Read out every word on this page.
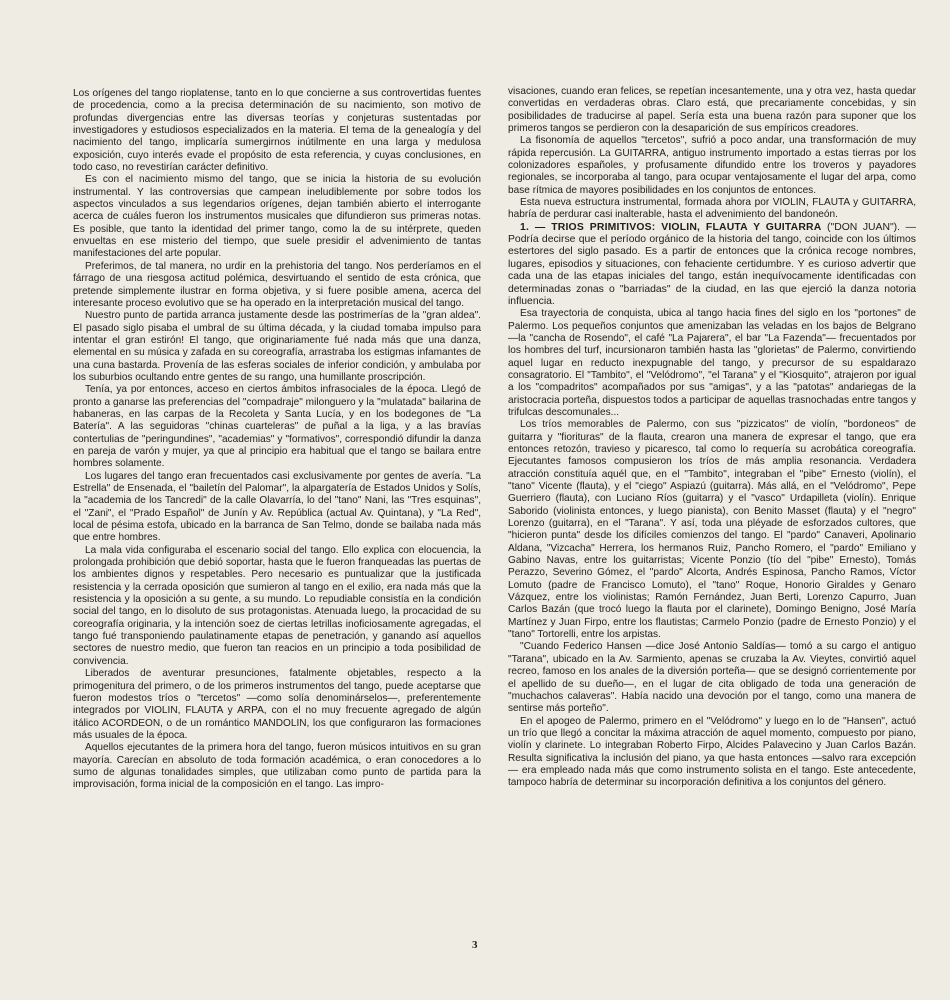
Los orígenes del tango rioplatense, tanto en lo que concierne a sus controvertidas fuentes de procedencia, como a la precisa determinación de su nacimiento, son motivo de profundas divergencias entre las diversas teorías y conjeturas sustentadas por investigadores y estudiosos especializados en la materia. El tema de la genealogía y del nacimiento del tango, implicaría sumergirnos inútilmente en una larga y medulosa exposición, cuyo interés evade el propósito de esta referencia, y cuyas conclusiones, en todo caso, no revestirían carácter definitivo.

Es con el nacimiento mismo del tango, que se inicia la historia de su evolución instrumental. Y las controversias que campean ineludiblemente por sobre todos los aspectos vinculados a sus legendarios orígenes, dejan también abierto el interrogante acerca de cuáles fueron los instrumentos musicales que difundieron sus primeras notas. Es posible, que tanto la identidad del primer tango, como la de su intérprete, queden envueltas en ese misterio del tiempo, que suele presidir el advenimiento de tantas manifestaciones del arte popular.

Preferimos, de tal manera, no urdir en la prehistoria del tango. Nos perderíamos en el fárrago de una riesgosa actitud polémica, desvirtuando el sentido de esta crónica, que pretende simplemente ilustrar en forma objetiva, y si fuere posible amena, acerca del interesante proceso evolutivo que se ha operado en la interpretación musical del tango.

Nuestro punto de partida arranca justamente desde las postrimerías de la "gran aldea". El pasado siglo pisaba el umbral de su última década, y la ciudad tomaba impulso para intentar el gran estirón! El tango, que originariamente fué nada más que una danza, elemental en su música y zafada en su coreografía, arrastraba los estigmas infamantes de una cuna bastarda. Provenía de las esferas sociales de inferior condición, y ambulaba por los suburbios ocultando entre gentes de su rango, una humillante proscripción.

Tenía, ya por entonces, acceso en ciertos ámbitos infrasociales de la época. Llegó de pronto a ganarse las preferencias del "compadraje" milonguero y la "mulatada" bailarina de habaneras, en las carpas de la Recoleta y Santa Lucía, y en los bodegones de "La Batería". A las seguidoras "chinas cuarteleras" de puñal a la liga, y a las bravías contertulias de "peringundines", "academias" y "formativos", correspondió difundir la danza en pareja de varón y mujer, ya que al principio era habitual que el tango se bailara entre hombres solamente.

Los lugares del tango eran frecuentados casi exclusivamente por gentes de avería. "La Estrella" de Ensenada, el "bailetín del Palomar", la alpargatería de Estados Unidos y Solís, la "academia de los Tancredi" de la calle Olavarría, lo del "tano" Nani, las "Tres esquinas", el "Zani", el "Prado Español" de Junín y Av. República (actual Av. Quintana), y "La Red", local de pésima estofa, ubicado en la barranca de San Telmo, donde se bailaba nada más que entre hombres.

La mala vida configuraba el escenario social del tango. Ello explica con elocuencia, la prolongada prohibición que debió soportar, hasta que le fueron franqueadas las puertas de los ambientes dignos y respetables. Pero necesario es puntualizar que la justificada resistencia y la cerrada oposición que sumieron al tango en el exilio, era nada más que la resistencia y la oposición a su gente, a su mundo. Lo repudiable consistía en la condición social del tango, en lo disoluto de sus protagonistas. Atenuada luego, la procacidad de su coreografía originaria, y la intención soez de ciertas letrillas inoficiosamente agregadas, el tango fué transponiendo paulatinamente etapas de penetración, y ganando así aquellos sectores de nuestro medio, que fueron tan reacios en un principio a toda posibilidad de convivencia.

Liberados de aventurar presunciones, fatalmente objetables, respecto a la primogenitura del primero, o de los primeros instrumentos del tango, puede aceptarse que fueron modestos tríos o "tercetos" —como solía denominárselos—, preferentemente integrados por VIOLIN, FLAUTA y ARPA, con el no muy frecuente agregado de algún itálico ACORDEON, o de un romántico MANDOLIN, los que configuraron las formaciones más usuales de la época.

Aquellos ejecutantes de la primera hora del tango, fueron músicos intuitivos en su gran mayoría. Carecían en absoluto de toda formación académica, o eran conocedores a lo sumo de algunas tonalidades simples, que utilizaban como punto de partida para la improvisación, forma inicial de la composición en el tango. Las impro-

visaciones, cuando eran felices, se repetían incesantemente, una y otra vez, hasta quedar convertidas en verdaderas obras. Claro está, que precariamente concebidas, y sin posibilidades de traducirse al papel. Sería esta una buena razón para suponer que los primeros tangos se perdieron con la desaparición de sus empíricos creadores.

La fisonomía de aquellos "tercetos", sufrió a poco andar, una transformación de muy rápida repercusión. La GUITARRA, antiguo instrumento importado a estas tierras por los colonizadores españoles, y profusamente difundido entre los troveros y payadores regionales, se incorporaba al tango, para ocupar ventajosamente el lugar del arpa, como base rítmica de mayores posibilidades en los conjuntos de entonces.

Esta nueva estructura instrumental, formada ahora por VIOLIN, FLAUTA y GUITARRA, habría de perdurar casi inalterable, hasta el advenimiento del bandoneón.

1. — TRIOS PRIMITIVOS: VIOLIN, FLAUTA Y GUITARRA ("DON JUAN"). — Podría decirse que el período orgánico de la historia del tango, coincide con los últimos estertores del siglo pasado. Es a partir de entonces que la crónica recoge nombres, lugares, episodios y situaciones, con fehaciente certidumbre. Y es curioso advertir que cada una de las etapas iniciales del tango, están inequívocamente identificadas con determinadas zonas o "barriadas" de la ciudad, en las que ejerció la danza notoria influencia.

Esa trayectoria de conquista, ubica al tango hacia fines del siglo en los "portones" de Palermo. Los pequeños conjuntos que amenizaban las veladas en los bajos de Belgrano —la "cancha de Rosendo", el café "La Pajarera", el bar "La Fazenda"— frecuentados por los hombres del turf, incursionaron también hasta las "glorietas" de Palermo, convirtiendo aquel lugar en reducto inexpugnable del tango, y precursor de su espaldarazo consagratorio. El "Tambito", el "Velódromo", "el Tarana" y el "Kiosquito", atrajeron por igual a los "compadritos" acompañados por sus "amigas", y a las "patotas" andariegas de la aristocracia porteña, dispuestos todos a participar de aquellas trasnochadas entre tangos y trifulcas descomunales...

Los tríos memorables de Palermo, con sus "pizzicatos" de violín, "bordoneos" de guitarra y "fiorituras" de la flauta, crearon una manera de expresar el tango, que era entonces retozón, travieso y picaresco, tal como lo requería su acrobática coreografía. Ejecutantes famosos compusieron los tríos de más amplia resonancia. Verdadera atracción constituía aquél que, en el "Tambito", integraban el "pibe" Ernesto (violín), el "tano" Vicente (flauta), y el "ciego" Aspiazú (guitarra). Más allá, en el "Velódromo", Pepe Guerriero (flauta), con Luciano Ríos (guitarra) y el "vasco" Urdapilleta (violín). Enrique Saborido (violinista entonces, y luego pianista), con Benito Masset (flauta) y el "negro" Lorenzo (guitarra), en el "Tarana". Y así, toda una pléyade de esforzados cultores, que "hicieron punta" desde los difíciles comienzos del tango. El "pardo" Canaveri, Apolinario Aldana, "Vizcacha" Herrera, los hermanos Ruiz, Pancho Romero, el "pardo" Emiliano y Gabino Navas, entre los guitarristas; Vicente Ponzio (tío del "pibe" Ernesto), Tomás Perazzo, Severino Gómez, el "pardo" Alcorta, Andrés Espinosa, Pancho Ramos, Víctor Lomuto (padre de Francisco Lomuto), el "tano" Roque, Honorio Giraldes y Genaro Vázquez, entre los violinistas; Ramón Fernández, Juan Berti, Lorenzo Capurro, Juan Carlos Bazán (que trocó luego la flauta por el clarinete), Domingo Benigno, José María Martínez y Juan Firpo, entre los flautistas; Carmelo Ponzio (padre de Ernesto Ponzio) y el "tano" Tortorelli, entre los arpistas.

"Cuando Federico Hansen —dice José Antonio Saldías— tomó a su cargo el antiguo "Tarana", ubicado en la Av. Sarmiento, apenas se cruzaba la Av. Vieytes, convirtió aquel recreo, famoso en los anales de la diversión porteña— que se designó corrientemente por el apellido de su dueño—, en el lugar de cita obligado de toda una generación de "muchachos calaveras". Había nacido una devoción por el tango, como una manera de sentirse más porteño".

En el apogeo de Palermo, primero en el "Velódromo" y luego en lo de "Hansen", actuó un trío que llegó a concitar la máxima atracción de aquel momento, compuesto por piano, violín y clarinete. Lo integraban Roberto Firpo, Alcides Palavecino y Juan Carlos Bazán. Resulta significativa la inclusión del piano, ya que hasta entonces —salvo rara excepción— era empleado nada más que como instrumento solista en el tango. Este antecedente, tampoco habría de determinar su incorporación definitiva a los conjuntos del género.

3
